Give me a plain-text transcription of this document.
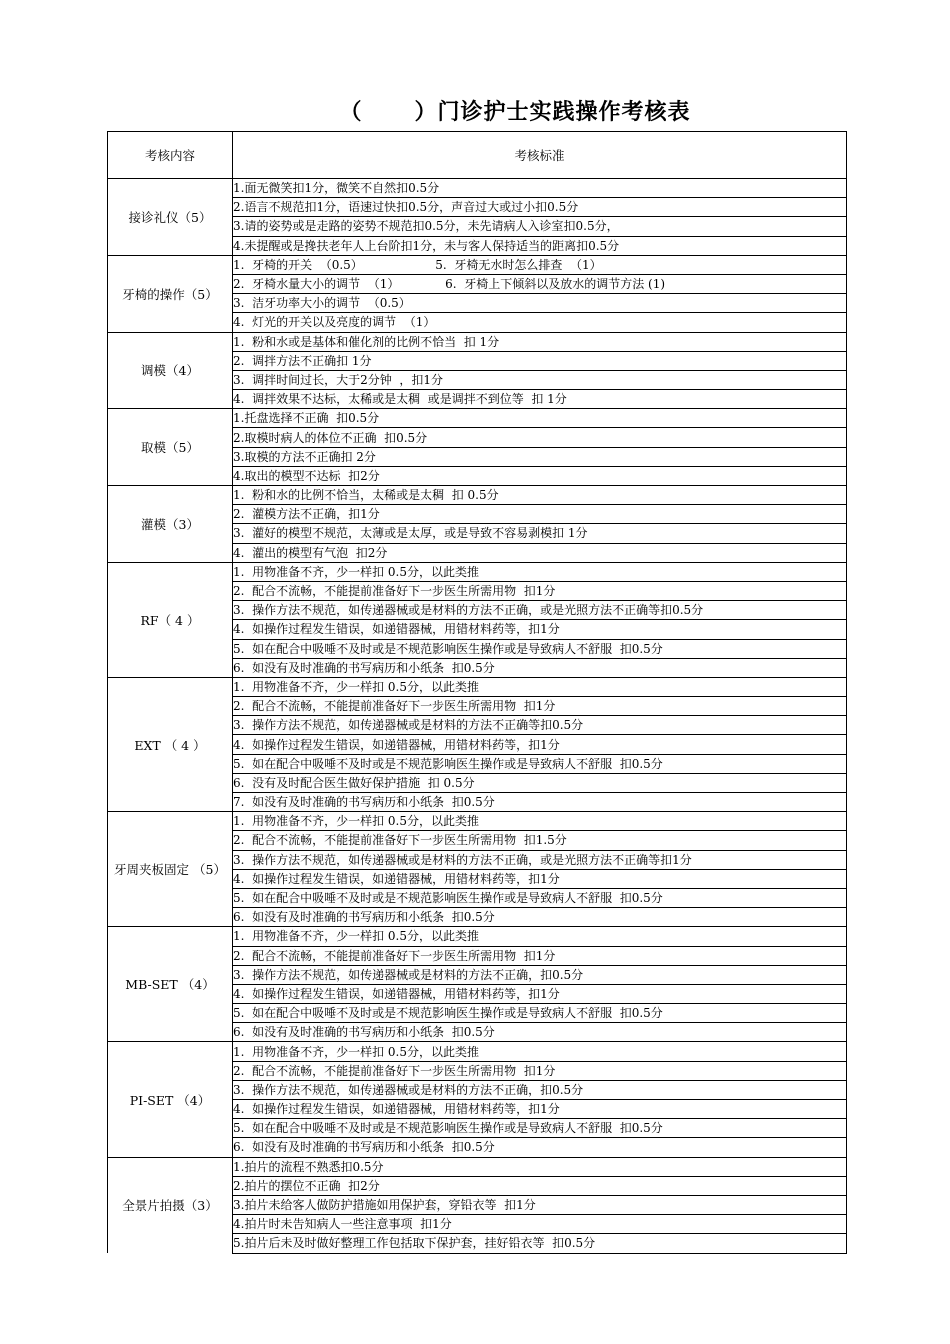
（      ）门诊护士实践操作考核表
考核内容	考核标准
接诊礼仪（5）	1.面无微笑扣1分，微笑不自然扣0.5分
	2.语言不规范扣1分，语速过快扣0.5分，声音过大或过小扣0.5分
	3.请的姿势或是走路的姿势不规范扣0.5分，未先请病人入诊室扣0.5分，
	4.未提醒或是搀扶老年人上台阶扣1分，未与客人保持适当的距离扣0.5分
牙椅的操作（5）	1.  牙椅的开关  （0.5）                   5.  牙椅无水时怎么排查  （1）
	2.  牙椅水量大小的调节  （1）            6.  牙椅上下倾斜以及放水的调节方法 (1)
	3.  洁牙功率大小的调节  （0.5）
	4.  灯光的开关以及亮度的调节  （1）
调模（4）	1.  粉和水或是基体和催化剂的比例不恰当  扣 1分
	2.  调拌方法不正确扣 1分
	3.  调拌时间过长，大于2分钟  ，扣1分
	4.  调拌效果不达标，太稀或是太稠  或是调拌不到位等  扣 1分
取模（5）	1.托盘选择不正确  扣0.5分
	2.取模时病人的体位不正确  扣0.5分
	3.取模的方法不正确扣 2分
	4.取出的模型不达标  扣2分
灌模（3）	1.  粉和水的比例不恰当，太稀或是太稠  扣 0.5分
	2.  灌模方法不正确，扣1分
	3.  灌好的模型不规范，太薄或是太厚，或是导致不容易剥模扣 1分
	4.  灌出的模型有气泡  扣2分
RF（ 4 ）	1.  用物准备不齐，少一样扣 0.5分，以此类推
	2.  配合不流畅，不能提前准备好下一步医生所需用物  扣1分
	3.  操作方法不规范，如传递器械或是材料的方法不正确，或是光照方法不正确等扣0.5分
	4.  如操作过程发生错误，如递错器械，用错材料药等，扣1分
	5.  如在配合中吸唾不及时或是不规范影响医生操作或是导致病人不舒服  扣0.5分
	6.  如没有及时准确的书写病历和小纸条  扣0.5分
EXT （ 4 ）	1.  用物准备不齐，少一样扣 0.5分，以此类推
	2.  配合不流畅，不能提前准备好下一步医生所需用物  扣1分
	3.  操作方法不规范，如传递器械或是材料的方法不正确等扣0.5分
	4.  如操作过程发生错误，如递错器械，用错材料药等，扣1分
	5.  如在配合中吸唾不及时或是不规范影响医生操作或是导致病人不舒服  扣0.5分
	6.  没有及时配合医生做好保护措施  扣 0.5分
	7.  如没有及时准确的书写病历和小纸条  扣0.5分
牙周夹板固定 （5）	1.  用物准备不齐，少一样扣 0.5分，以此类推
	2.  配合不流畅，不能提前准备好下一步医生所需用物  扣1.5分
	3.  操作方法不规范，如传递器械或是材料的方法不正确，或是光照方法不正确等扣1分
	4.  如操作过程发生错误，如递错器械，用错材料药等，扣1分
	5.  如在配合中吸唾不及时或是不规范影响医生操作或是导致病人不舒服  扣0.5分
	6.  如没有及时准确的书写病历和小纸条  扣0.5分
MB-SET （4）	1.  用物准备不齐，少一样扣 0.5分，以此类推
	2.  配合不流畅，不能提前准备好下一步医生所需用物  扣1分
	3.  操作方法不规范，如传递器械或是材料的方法不正确，扣0.5分
	4.  如操作过程发生错误，如递错器械，用错材料药等，扣1分
	5.  如在配合中吸唾不及时或是不规范影响医生操作或是导致病人不舒服  扣0.5分
	6.  如没有及时准确的书写病历和小纸条  扣0.5分
PI-SET （4）	1.  用物准备不齐，少一样扣 0.5分，以此类推
	2.  配合不流畅，不能提前准备好下一步医生所需用物  扣1分
	3.  操作方法不规范，如传递器械或是材料的方法不正确，扣0.5分
	4.  如操作过程发生错误，如递错器械，用错材料药等，扣1分
	5.  如在配合中吸唾不及时或是不规范影响医生操作或是导致病人不舒服  扣0.5分
	6.  如没有及时准确的书写病历和小纸条  扣0.5分
全景片拍摄（3）	1.拍片的流程不熟悉扣0.5分
	2.拍片的摆位不正确  扣2分
	3.拍片未给客人做防护措施如用保护套，穿铅衣等  扣1分
	4.拍片时未告知病人一些注意事项  扣1分
	5.拍片后未及时做好整理工作包括取下保护套，挂好铅衣等  扣0.5分
